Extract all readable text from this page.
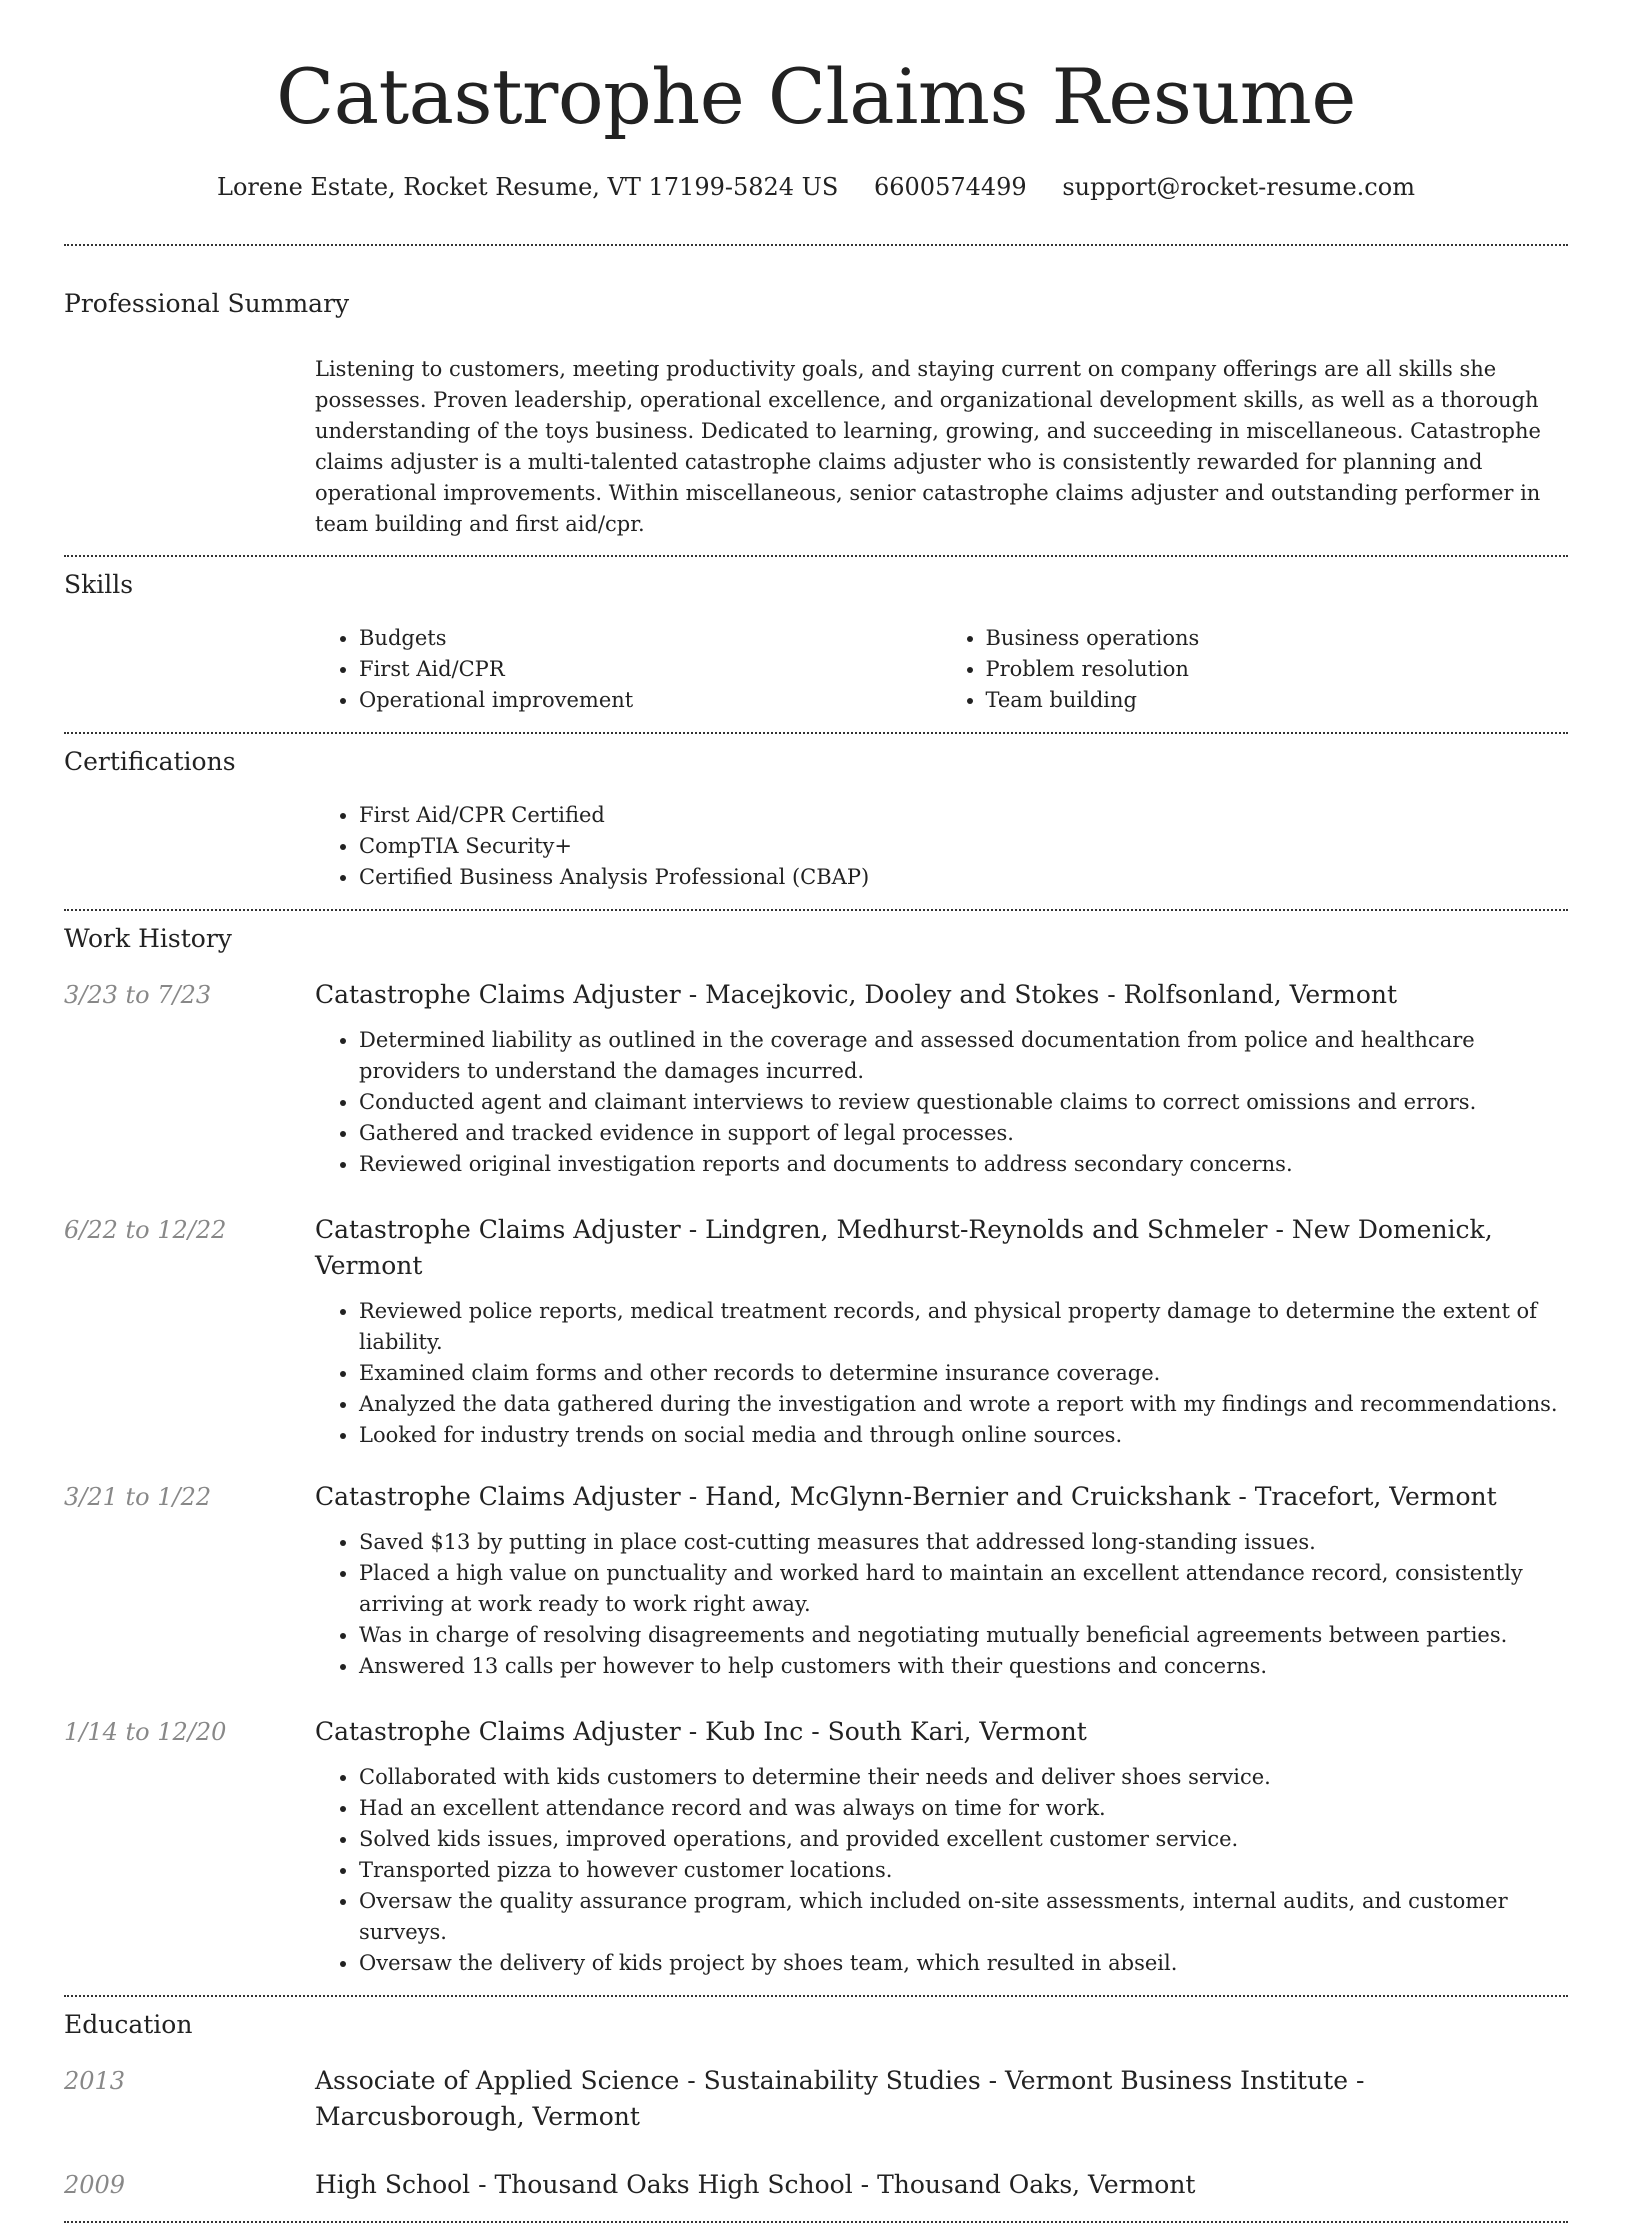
Catastrophe Claims Resume
Lorene Estate, Rocket Resume, VT 17199-5824 US 6600574499 support@rocket-resume.com
Professional Summary
Listening to customers, meeting productivity goals, and staying current on company offerings are all skills she possesses. Proven leadership, operational excellence, and organizational development skills, as well as a thorough understanding of the toys business. Dedicated to learning, growing, and succeeding in miscellaneous. Catastrophe claims adjuster is a multi-talented catastrophe claims adjuster who is consistently rewarded for planning and operational improvements. Within miscellaneous, senior catastrophe claims adjuster and outstanding performer in team building and first aid/cpr.
Skills
• Budgets
• First Aid/CPR
• Operational improvement
• Business operations
• Problem resolution
• Team building
Certifications
• First Aid/CPR Certified
• CompTIA Security+
• Certified Business Analysis Professional (CBAP)
Work History
3/23 to 7/23	Catastrophe Claims Adjuster - Macejkovic, Dooley and Stokes - Rolfsonland, Vermont
• Determined liability as outlined in the coverage and assessed documentation from police and healthcare providers to understand the damages incurred.
• Conducted agent and claimant interviews to review questionable claims to correct omissions and errors.
• Gathered and tracked evidence in support of legal processes.
• Reviewed original investigation reports and documents to address secondary concerns.
6/22 to 12/22	Catastrophe Claims Adjuster - Lindgren, Medhurst-Reynolds and Schmeler - New Domenick, Vermont
• Reviewed police reports, medical treatment records, and physical property damage to determine the extent of liability.
• Examined claim forms and other records to determine insurance coverage.
• Analyzed the data gathered during the investigation and wrote a report with my findings and recommendations.
• Looked for industry trends on social media and through online sources.
3/21 to 1/22	Catastrophe Claims Adjuster - Hand, McGlynn-Bernier and Cruickshank - Tracefort, Vermont
• Saved $13 by putting in place cost-cutting measures that addressed long-standing issues.
• Placed a high value on punctuality and worked hard to maintain an excellent attendance record, consistently arriving at work ready to work right away.
• Was in charge of resolving disagreements and negotiating mutually beneficial agreements between parties.
• Answered 13 calls per however to help customers with their questions and concerns.
1/14 to 12/20	Catastrophe Claims Adjuster - Kub Inc - South Kari, Vermont
• Collaborated with kids customers to determine their needs and deliver shoes service.
• Had an excellent attendance record and was always on time for work.
• Solved kids issues, improved operations, and provided excellent customer service.
• Transported pizza to however customer locations.
• Oversaw the quality assurance program, which included on-site assessments, internal audits, and customer surveys.
• Oversaw the delivery of kids project by shoes team, which resulted in abseil.
Education
2013	Associate of Applied Science - Sustainability Studies - Vermont Business Institute - Marcusborough, Vermont
2009	High School - Thousand Oaks High School - Thousand Oaks, Vermont
